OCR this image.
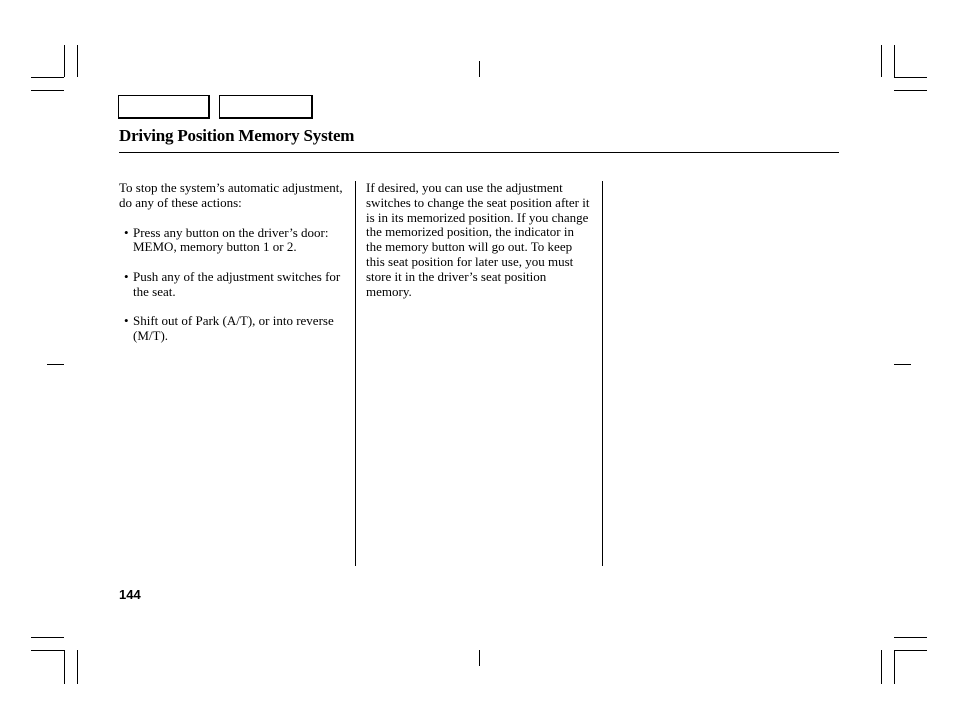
Driving Position Memory System

To stop the system’s automatic adjustment, do any of these actions:

• Press any button on the driver’s door: MEMO, memory button 1 or 2.
• Push any of the adjustment switches for the seat.
• Shift out of Park (A/T), or into reverse (M/T).

If desired, you can use the adjustment switches to change the seat position after it is in its memorized position. If you change the memorized position, the indicator in the memory button will go out. To keep this seat position for later use, you must store it in the driver’s seat position memory.

144
